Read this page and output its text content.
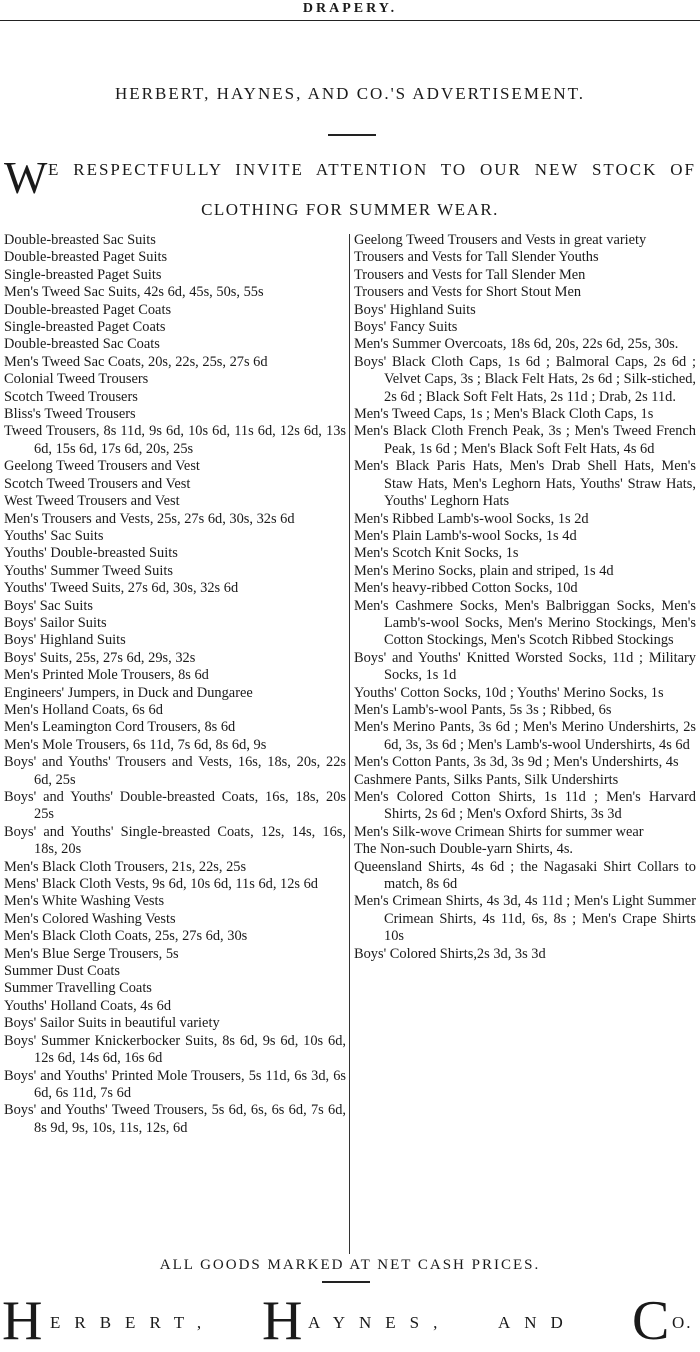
DRAPERY.
HERBERT, HAYNES, AND CO.'S ADVERTISEMENT.
W E RESPECTFULLY INVITE ATTENTION TO OUR NEW STOCK OF
CLOTHING FOR SUMMER WEAR.
Double-breasted Sac Suits
Double-breasted Paget Suits
Single-breasted Paget Suits
Men's Tweed Sac Suits, 42s 6d, 45s, 50s, 55s
Double-breasted Paget Coats
Single-breasted Paget Coats
Double-breasted Sac Coats
Men's Tweed Sac Coats, 20s, 22s, 25s, 27s 6d
Colonial Tweed Trousers
Scotch Tweed Trousers
Bliss's Tweed Trousers
Tweed Trousers, 8s 11d, 9s 6d, 10s 6d, 11s 6d, 12s 6d, 13s 6d, 15s 6d, 17s 6d, 20s, 25s
Geelong Tweed Trousers and Vest
Scotch Tweed Trousers and Vest
West Tweed Trousers and Vest
Men's Trousers and Vests, 25s, 27s 6d, 30s, 32s 6d
Youths' Sac Suits
Youths' Double-breasted Suits
Youths' Summer Tweed Suits
Youths' Tweed Suits, 27s 6d, 30s, 32s 6d
Boys' Sac Suits
Boys' Sailor Suits
Boys' Highland Suits
Boys' Suits, 25s, 27s 6d, 29s, 32s
Men's Printed Mole Trousers, 8s 6d
Engineers' Jumpers, in Duck and Dungaree
Men's Holland Coats, 6s 6d
Men's Leamington Cord Trousers, 8s 6d
Men's Mole Trousers, 6s 11d, 7s 6d, 8s 6d, 9s
Boys' and Youths' Trousers and Vests, 16s, 18s, 20s, 22s 6d, 25s
Boys' and Youths' Double-breasted Coats, 16s, 18s, 20s 25s
Boys' and Youths' Single-breasted Coats, 12s, 14s, 16s, 18s, 20s
Men's Black Cloth Trousers, 21s, 22s, 25s
Mens' Black Cloth Vests, 9s 6d, 10s 6d, 11s 6d, 12s 6d
Men's White Washing Vests
Men's Colored Washing Vests
Men's Black Cloth Coats, 25s, 27s 6d, 30s
Men's Blue Serge Trousers, 5s
Summer Dust Coats
Summer Travelling Coats
Youths' Holland Coats, 4s 6d
Boys' Sailor Suits in beautiful variety
Boys' Summer Knickerbocker Suits, 8s 6d, 9s 6d, 10s 6d, 12s 6d, 14s 6d, 16s 6d
Boys' and Youths' Printed Mole Trousers, 5s 11d, 6s 3d, 6s 6d, 6s 11d, 7s 6d
Boys' and Youths' Tweed Trousers, 5s 6d, 6s, 6s 6d, 7s 6d, 8s 9d, 9s, 10s, 11s, 12s, 6d
Geelong Tweed Trousers and Vests in great variety
Trousers and Vests for Tall Slender Youths
Trousers and Vests for Tall Slender Men
Trousers and Vests for Short Stout Men
Boys' Highland Suits
Boys' Fancy Suits
Men's Summer Overcoats, 18s 6d, 20s, 22s 6d, 25s, 30s.
Boys' Black Cloth Caps, 1s 6d ; Balmoral Caps, 2s 6d ; Velvet Caps, 3s ; Black Felt Hats, 2s 6d ; Silk-stiched, 2s 6d ; Black Soft Felt Hats, 2s 11d ; Drab, 2s 11d.
Men's Tweed Caps, 1s ; Men's Black Cloth Caps, 1s
Men's Black Cloth French Peak, 3s ; Men's Tweed French Peak, 1s 6d ; Men's Black Soft Felt Hats, 4s 6d
Men's Black Paris Hats, Men's Drab Shell Hats, Men's Staw Hats, Men's Leghorn Hats, Youths' Straw Hats, Youths' Leghorn Hats
Men's Ribbed Lamb's-wool Socks, 1s 2d
Men's Plain Lamb's-wool Socks, 1s 4d
Men's Scotch Knit Socks, 1s
Men's Merino Socks, plain and striped, 1s 4d
Men's heavy-ribbed Cotton Socks, 10d
Men's Cashmere Socks, Men's Balbriggan Socks, Men's Lamb's-wool Socks, Men's Merino Stockings, Men's Cotton Stockings, Men's Scotch Ribbed Stockings
Boys' and Youths' Knitted Worsted Socks, 11d ; Military Socks, 1s 1d
Youths' Cotton Socks, 10d ; Youths' Merino Socks, 1s
Men's Lamb's-wool Pants, 5s 3s ; Ribbed, 6s
Men's Merino Pants, 3s 6d ; Men's Merino Undershirts, 2s 6d, 3s, 3s 6d ; Men's Lamb's-wool Undershirts, 4s 6d
Men's Cotton Pants, 3s 3d, 3s 9d ; Men's Undershirts, 4s
Cashmere Pants, Silks Pants, Silk Undershirts
Men's Colored Cotton Shirts, 1s 11d ; Men's Harvard Shirts, 2s 6d ; Men's Oxford Shirts, 3s 3d
Men's Silk-wove Crimean Shirts for summer wear
The Non-such Double-yarn Shirts, 4s.
Queensland Shirts, 4s 6d ; the Nagasaki Shirt Collars to match, 8s 6d
Men's Crimean Shirts, 4s 3d, 4s 11d ; Men's Light Summer Crimean Shirts, 4s 11d, 6s, 8s ; Men's Crape Shirts 10s
Boys' Colored Shirts,2s 3d, 3s 3d
ALL GOODS MARKED AT NET CASH PRICES.
H ERBERT, H AYNES,	AND C O.
